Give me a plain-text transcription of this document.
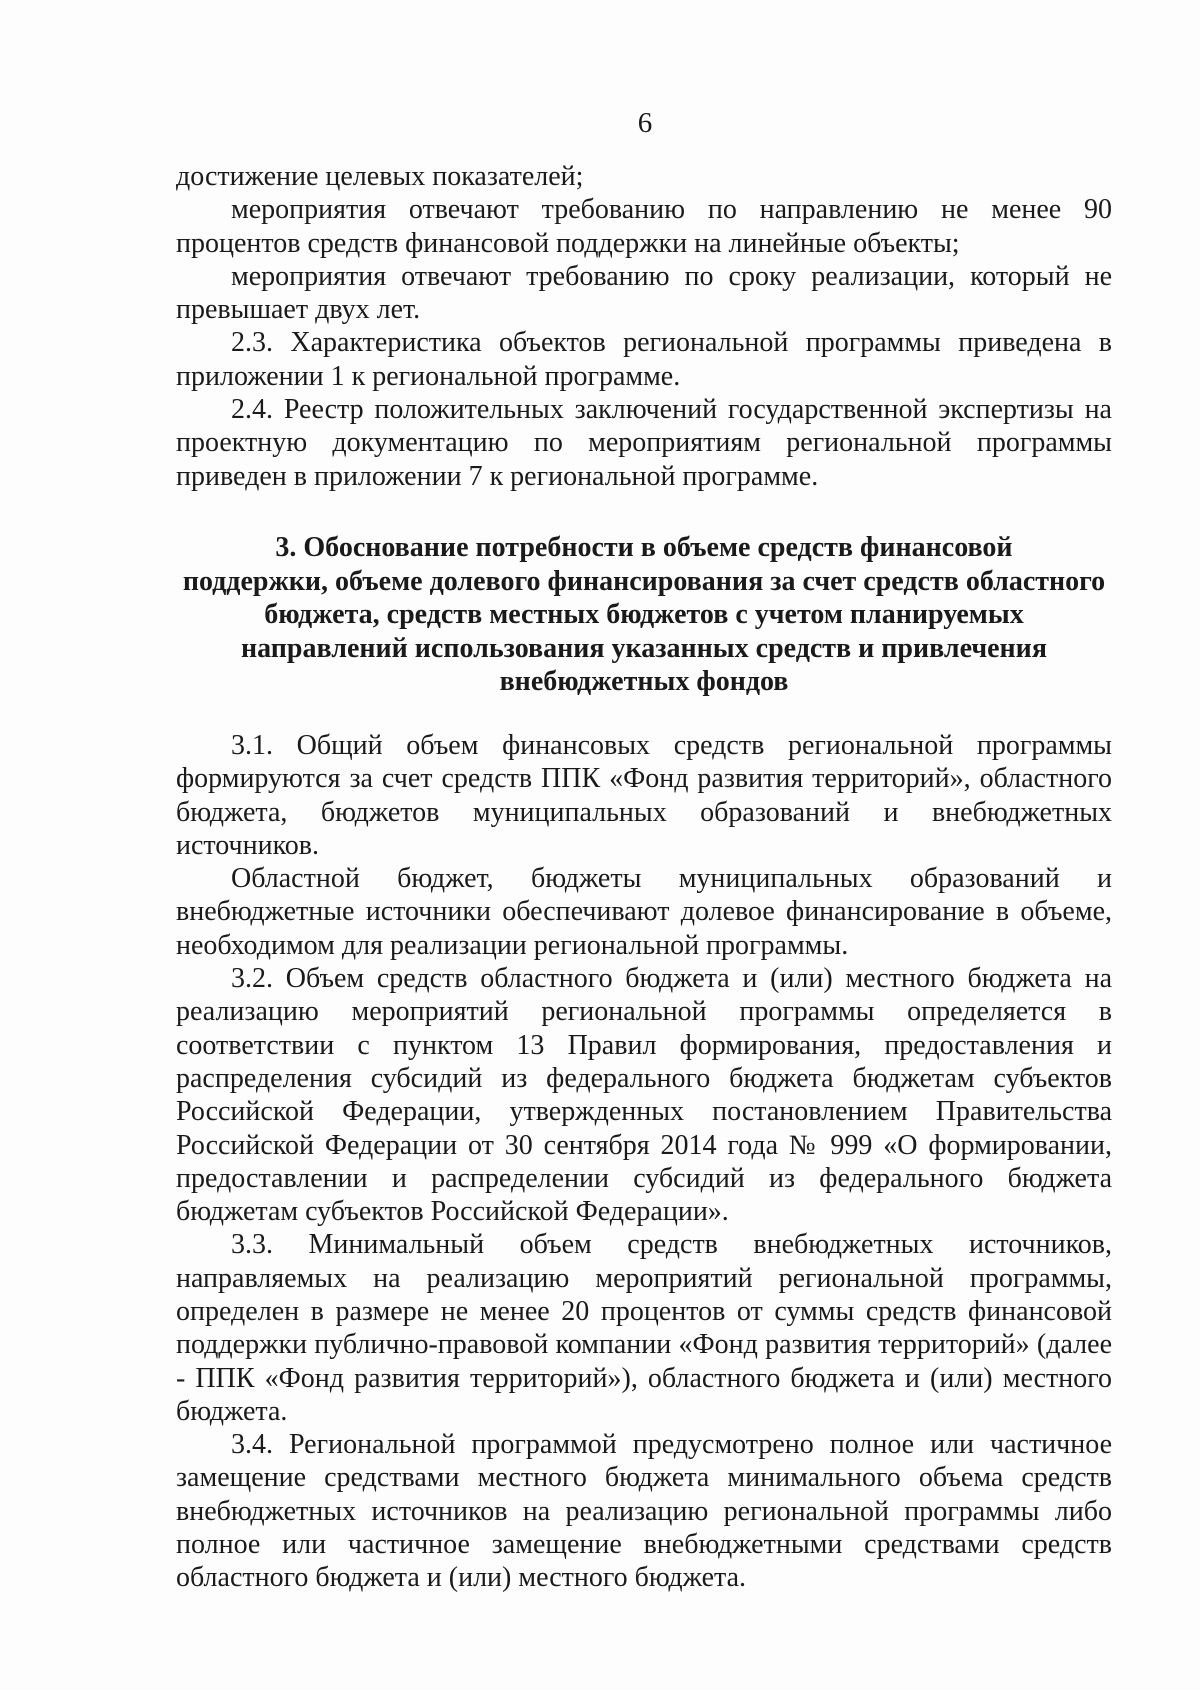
6

достижение целевых показателей;

мероприятия отвечают требованию по направлению не менее 90 процентов средств финансовой поддержки на линейные объекты;

мероприятия отвечают требованию по сроку реализации, который не превышает двух лет.

2.3. Характеристика объектов региональной программы приведена в приложении 1 к региональной программе.

2.4. Реестр положительных заключений государственной экспертизы на проектную документацию по мероприятиям региональной программы приведен в приложении 7 к региональной программе.

3. Обоснование потребности в объеме средств финансовой
поддержки, объеме долевого финансирования за счет средств областного
бюджета, средств местных бюджетов с учетом планируемых
направлений использования указанных средств и привлечения
внебюджетных фондов

3.1. Общий объем финансовых средств региональной программы формируются за счет средств ППК «Фонд развития территорий», областного бюджета, бюджетов муниципальных образований и внебюджетных источников.

Областной бюджет, бюджеты муниципальных образований и внебюджетные источники обеспечивают долевое финансирование в объеме, необходимом для реализации региональной программы.

3.2. Объем средств областного бюджета и (или) местного бюджета на реализацию мероприятий региональной программы определяется в соответствии с пунктом 13 Правил формирования, предоставления и распределения субсидий из федерального бюджета бюджетам субъектов Российской Федерации, утвержденных постановлением Правительства Российской Федерации от 30 сентября 2014 года № 999 «О формировании, предоставлении и распределении субсидий из федерального бюджета бюджетам субъектов Российской Федерации».

3.3. Минимальный объем средств внебюджетных источников, направляемых на реализацию мероприятий региональной программы, определен в размере не менее 20 процентов от суммы средств финансовой поддержки публично-правовой компании «Фонд развития территорий» (далее - ППК «Фонд развития территорий»), областного бюджета и (или) местного бюджета.

3.4. Региональной программой предусмотрено полное или частичное замещение средствами местного бюджета минимального объема средств внебюджетных источников на реализацию региональной программы либо полное или частичное замещение внебюджетными средствами средств областного бюджета и (или) местного бюджета.
